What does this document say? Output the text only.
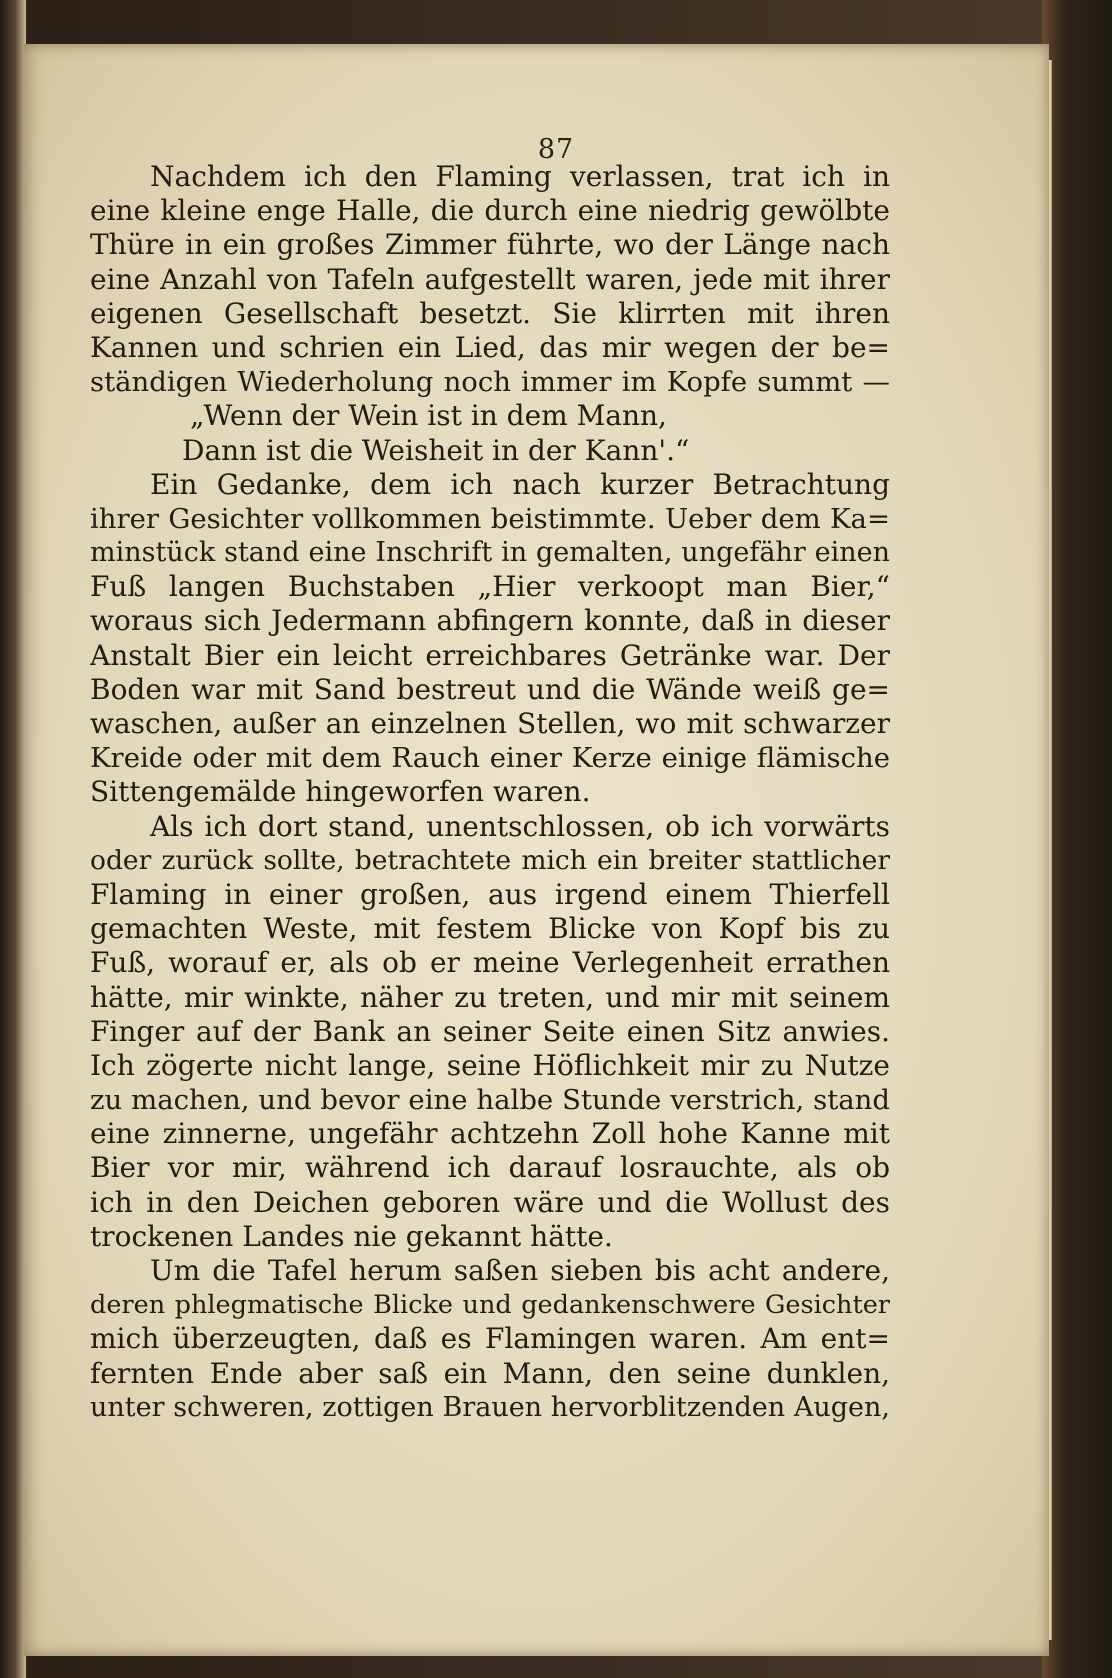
87
Nachdem ich den Flaming verlassen, trat ich in
eine kleine enge Halle, die durch eine niedrig gewölbte
Thüre in ein großes Zimmer führte, wo der Länge nach
eine Anzahl von Tafeln aufgestellt waren, jede mit ihrer
eigenen Gesellschaft besetzt. Sie klirrten mit ihren
Kannen und schrien ein Lied, das mir wegen der be=
ständigen Wiederholung noch immer im Kopfe summt —
„Wenn der Wein ist in dem Mann,
Dann ist die Weisheit in der Kann'.“
Ein Gedanke, dem ich nach kurzer Betrachtung
ihrer Gesichter vollkommen beistimmte. Ueber dem Ka=
minstück stand eine Inschrift in gemalten, ungefähr einen
Fuß langen Buchstaben „Hier verkoopt man Bier,“
woraus sich Jedermann abfingern konnte, daß in dieser
Anstalt Bier ein leicht erreichbares Getränke war. Der
Boden war mit Sand bestreut und die Wände weiß ge=
waschen, außer an einzelnen Stellen, wo mit schwarzer
Kreide oder mit dem Rauch einer Kerze einige flämische
Sittengemälde hingeworfen waren.
Als ich dort stand, unentschlossen, ob ich vorwärts
oder zurück sollte, betrachtete mich ein breiter stattlicher
Flaming in einer großen, aus irgend einem Thierfell
gemachten Weste, mit festem Blicke von Kopf bis zu
Fuß, worauf er, als ob er meine Verlegenheit errathen
hätte, mir winkte, näher zu treten, und mir mit seinem
Finger auf der Bank an seiner Seite einen Sitz anwies.
Ich zögerte nicht lange, seine Höflichkeit mir zu Nutze
zu machen, und bevor eine halbe Stunde verstrich, stand
eine zinnerne, ungefähr achtzehn Zoll hohe Kanne mit
Bier vor mir, während ich darauf losrauchte, als ob
ich in den Deichen geboren wäre und die Wollust des
trockenen Landes nie gekannt hätte.
Um die Tafel herum saßen sieben bis acht andere,
deren phlegmatische Blicke und gedankenschwere Gesichter
mich überzeugten, daß es Flamingen waren. Am ent=
fernten Ende aber saß ein Mann, den seine dunklen,
unter schweren, zottigen Brauen hervorblitzenden Augen,
